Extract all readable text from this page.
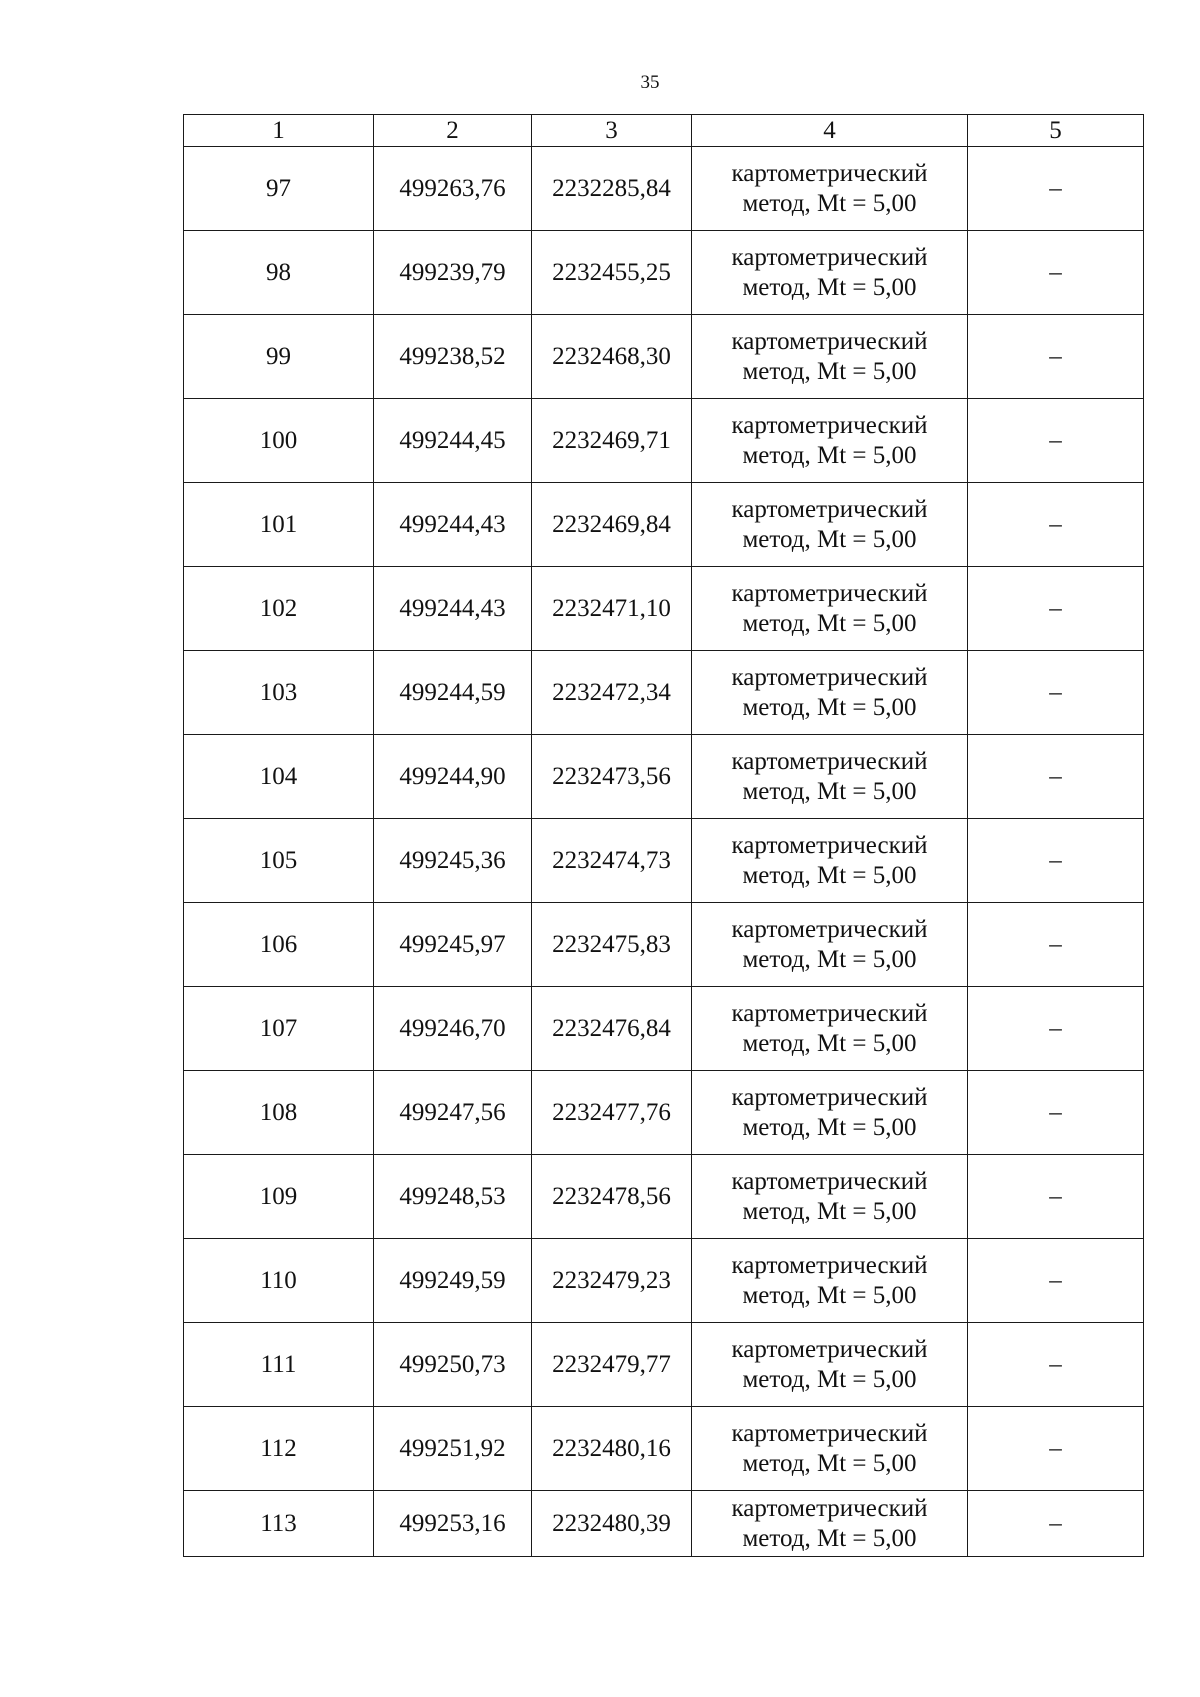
35
1	2	3	4	5
97	499263,76	2232285,84	картометрический
метод, Mt = 5,00	–
98	499239,79	2232455,25	картометрический
метод, Mt = 5,00	–
99	499238,52	2232468,30	картометрический
метод, Mt = 5,00	–
100	499244,45	2232469,71	картометрический
метод, Mt = 5,00	–
101	499244,43	2232469,84	картометрический
метод, Mt = 5,00	–
102	499244,43	2232471,10	картометрический
метод, Mt = 5,00	–
103	499244,59	2232472,34	картометрический
метод, Mt = 5,00	–
104	499244,90	2232473,56	картометрический
метод, Mt = 5,00	–
105	499245,36	2232474,73	картометрический
метод, Mt = 5,00	–
106	499245,97	2232475,83	картометрический
метод, Mt = 5,00	–
107	499246,70	2232476,84	картометрический
метод, Mt = 5,00	–
108	499247,56	2232477,76	картометрический
метод, Mt = 5,00	–
109	499248,53	2232478,56	картометрический
метод, Mt = 5,00	–
110	499249,59	2232479,23	картометрический
метод, Mt = 5,00	–
111	499250,73	2232479,77	картометрический
метод, Mt = 5,00	–
112	499251,92	2232480,16	картометрический
метод, Mt = 5,00	–
113	499253,16	2232480,39	картометрический
метод, Mt = 5,00	–
